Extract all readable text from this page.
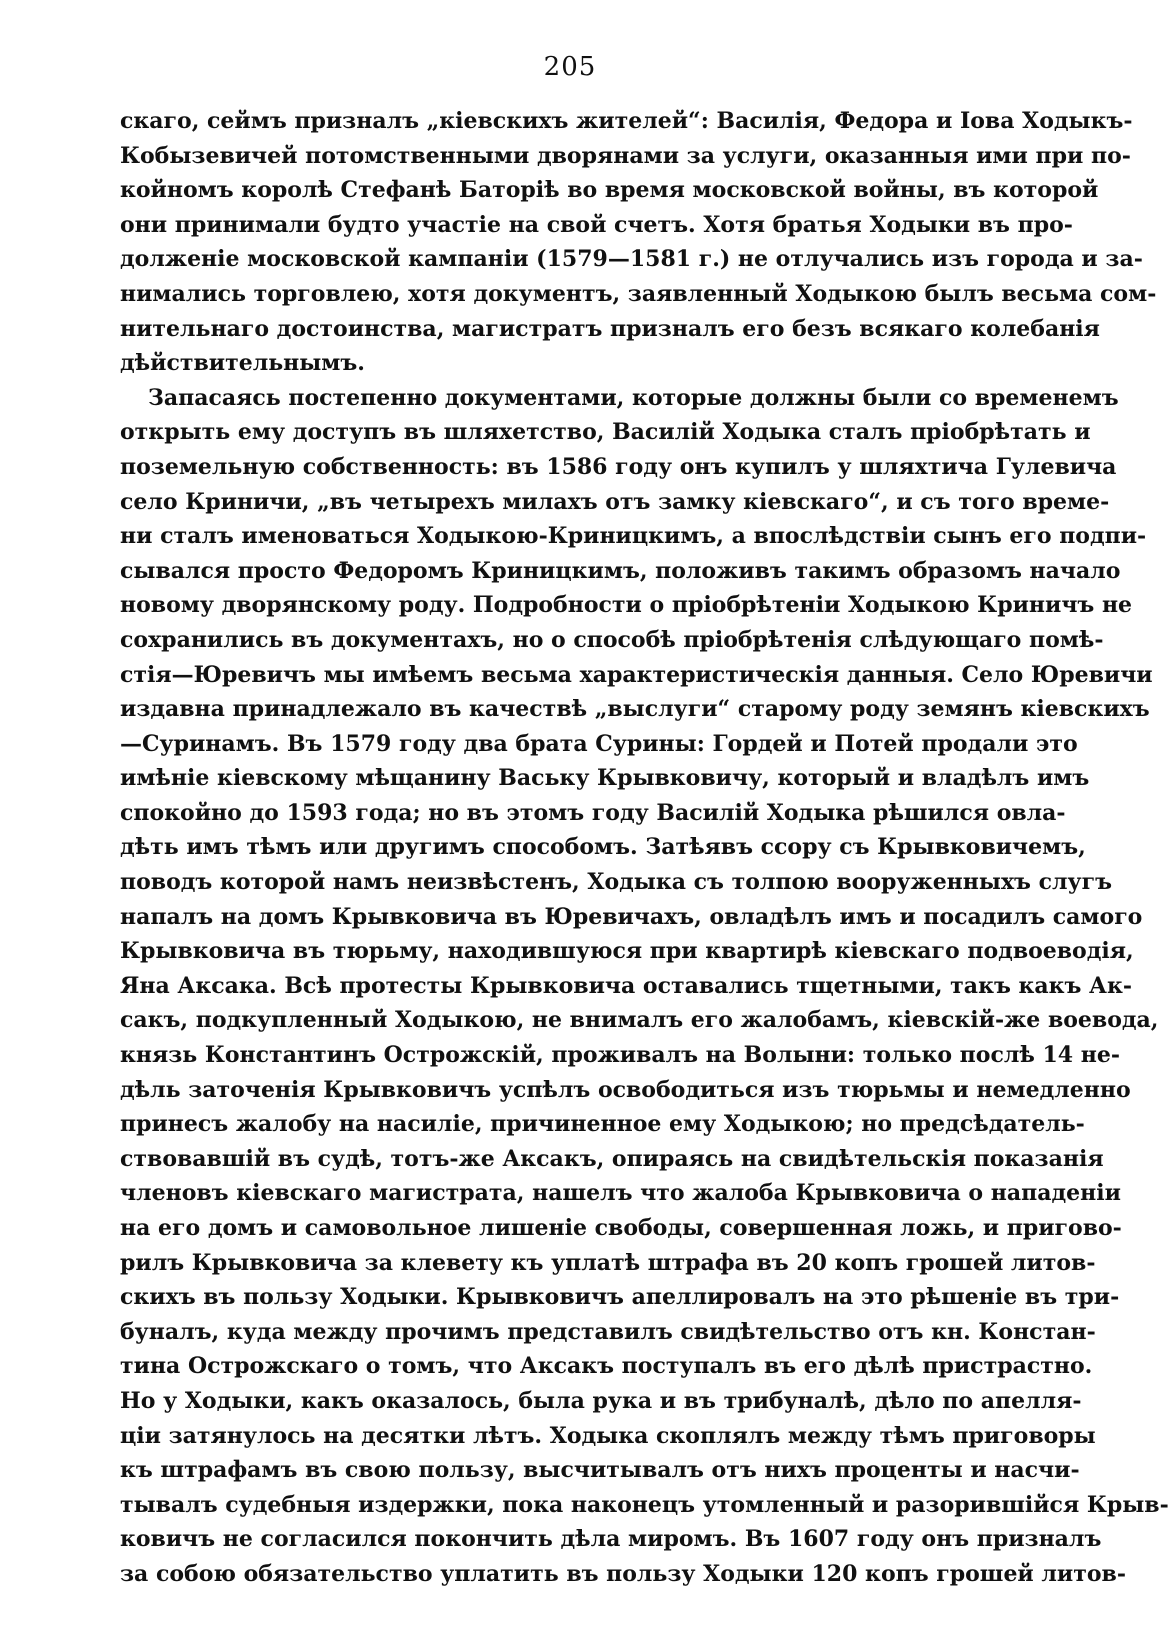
205
скаго, сеймъ призналъ „кіевскихъ жителей“: Василія, Федора и Іова Ходыкъ-
Кобызевичей потомственными дворянами за услуги, оказанныя ими при по-
койномъ королѣ Стефанѣ Баторіѣ во время московской войны, въ которой
они принимали будто участіе на свой счетъ. Хотя братья Ходыки въ про-
долженіе московской кампаніи (1579—1581 г.) не отлучались изъ города и за-
нимались торговлею, хотя документъ, заявленный Ходыкою былъ весьма сом-
нительнаго достоинства, магистратъ призналъ его безъ всякаго колебанія
дѣйствительнымъ.
Запасаясь постепенно документами, которые должны были со временемъ
открыть ему доступъ въ шляхетство, Василій Ходыка сталъ пріобрѣтать и
поземельную собственность: въ 1586 году онъ купилъ у шляхтича Гулевича
село Криничи, „въ четырехъ милахъ отъ замку кіевскаго“, и съ того време-
ни сталъ именоваться Ходыкою-Криницкимъ, а впослѣдствіи сынъ его подпи-
сывался просто Федоромъ Криницкимъ, положивъ такимъ образомъ начало
новому дворянскому роду. Подробности о пріобрѣтеніи Ходыкою Криничъ не
сохранились въ документахъ, но о способѣ пріобрѣтенія слѣдующаго помѣ-
стія—Юревичъ мы имѣемъ весьма характеристическія данныя. Село Юревичи
издавна принадлежало въ качествѣ „выслуги“ старому роду земянъ кіевскихъ
—Суринамъ. Въ 1579 году два брата Сурины: Гордей и Потей продали это
имѣніе кіевскому мѣщанину Ваську Крывковичу, который и владѣлъ имъ
спокойно до 1593 года; но въ этомъ году Василій Ходыка рѣшился овла-
дѣть имъ тѣмъ или другимъ способомъ. Затѣявъ ссору съ Крывковичемъ,
поводъ которой намъ неизвѣстенъ, Ходыка съ толпою вооруженныхъ слугъ
напалъ на домъ Крывковича въ Юревичахъ, овладѣлъ имъ и посадилъ самого
Крывковича въ тюрьму, находившуюся при квартирѣ кіевскаго подвоеводія,
Яна Аксака. Всѣ протесты Крывковича оставались тщетными, такъ какъ Ак-
сакъ, подкупленный Ходыкою, не внималъ его жалобамъ, кіевскій-же воевода,
князь Константинъ Острожскій, проживалъ на Волыни: только послѣ 14 не-
дѣль заточенія Крывковичъ успѣлъ освободиться изъ тюрьмы и немедленно
принесъ жалобу на насиліе, причиненное ему Ходыкою; но предсѣдатель-
ствовавшій въ судѣ, тотъ-же Аксакъ, опираясь на свидѣтельскія показанія
членовъ кіевскаго магистрата, нашелъ что жалоба Крывковича о нападеніи
на его домъ и самовольное лишеніе свободы, совершенная ложь, и пригово-
рилъ Крывковича за клевету къ уплатѣ штрафа въ 20 копъ грошей литов-
скихъ въ пользу Ходыки. Крывковичъ апеллировалъ на это рѣшеніе въ три-
буналъ, куда между прочимъ представилъ свидѣтельство отъ кн. Констан-
тина Острожскаго о томъ, что Аксакъ поступалъ въ его дѣлѣ пристрастно.
Но у Ходыки, какъ оказалось, была рука и въ трибуналѣ, дѣло по апелля-
ціи затянулось на десятки лѣтъ. Ходыка скоплялъ между тѣмъ приговоры
къ штрафамъ въ свою пользу, высчитывалъ отъ нихъ проценты и насчи-
тывалъ судебныя издержки, пока наконецъ утомленный и разорившійся Крыв-
ковичъ не согласился покончить дѣла миромъ. Въ 1607 году онъ призналъ
за собою обязательство уплатить въ пользу Ходыки 120 копъ грошей литов-
